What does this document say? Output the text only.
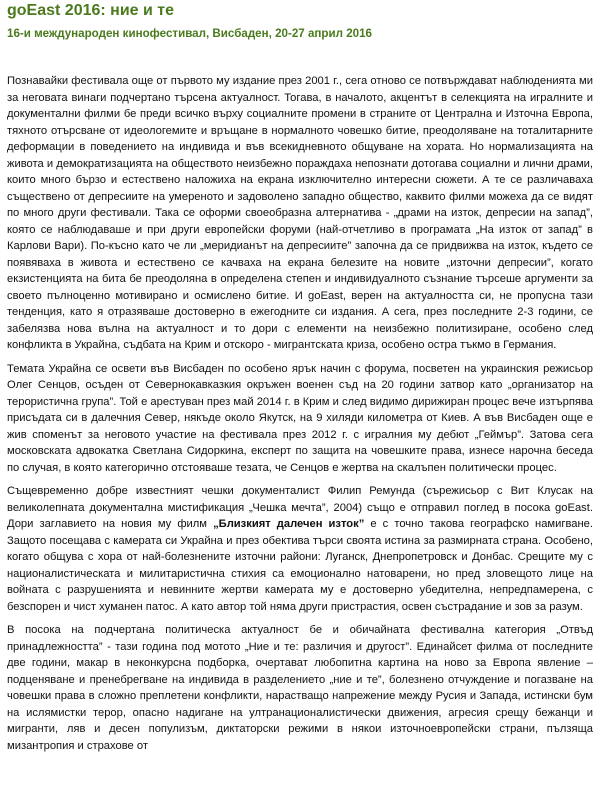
goEast 2016: ние и те
16-и международен кинофестивал, Висбаден, 20-27 април 2016

Познавайки фестивала още от първото му издание през 2001 г., сега отново се потвърждават наблюденията ми за неговата винаги подчертано търсена актуалност. Тогава, в началото, акцентът в селекцията на игралните и документални филми бе преди всичко върху социалните промени в страните от Централна и Източна Европа, тяхното отърсване от идеологемите и връщане в нормалното човешко битие, преодоляване на тоталитарните деформации в поведението на индивида и във всекидневното общуване на хората. Но нормализацията на живота и демократизацията на обществото неизбежно пораждаха непознати дотогава социални и лични драми, които много бързо и естествено наложиха на екрана изключително интересни сюжети. А те се различаваха съществено от депресиите на умереното и задоволено западно общество, каквито филми можеха да се видят по много други фестивали. Така се оформи своеобразна алтернатива - „драми на изток, депресии на запад”, която се наблюдаваше и при други европейски форуми (най-отчетливо в програмата „На изток от запад” в Карлови Вари). По-късно като че ли „меридианът на депресиите” започна да се придвижва на изток, където се появяваха в живота и естествено се качваха на екрана белезите на новите „източни депресии”, когато екзистенцията на бита бе преодоляна в определена степен и индивидуалното съзнание търсеше аргументи за своето пълноценно мотивирано и осмислено битие. И goEast, верен на актуалността си, не пропусна тази тенденция, като я отразяваше достоверно в ежегодните си издания. А сега, през последните 2-3 години, се забелязва нова вълна на актуалност и то дори с елементи на неизбежно политизиране, особено след конфликта в Украйна, съдбата на Крим и отскоро - мигрантската криза, особено остра тъкмо в Германия.

Темата Украйна се освети във Висбаден по особено ярък начин с форума, посветен на украинския режисьор Олег Сенцов, осъден от Севернокавказкия окръжен военен съд на 20 години затвор като „организатор на терористична група”. Той е арестуван през май 2014 г. в Крим и след видимо дирижиран процес вече изтърпява присъдата си в далечния Север, някъде около Якутск, на 9 хиляди километра от Киев. А във Висбаден още е жив споменът за неговото участие на фестивала през 2012 г. с игралния му дебют „Геймър”. Затова сега московската адвокатка Светлана Сидоркина, експерт по защита на човешките права, изнесе нарочна беседа по случая, в която категорично отстояваше тезата, че Сенцов е жертва на скалъпен политически процес.

Същевременно добре известният чешки документалист Филип Ремунда (сърежисьор с Вит Клусак на великолепната документална мистификация „Чешка мечта”, 2004) също е отправил поглед в посока goEast. Дори заглавието на новия му филм „Близкият далечен изток” е с точно такова географско намигване. Защото посещава с камерата си Украйна и през обектива търси своята истина за размирната страна. Особено, когато общува с хора от най-болезнените източни райони: Луганск, Днепропетровск и Донбас. Срещите му с националистическата и милитаристична стихия са емоционално натоварени, но пред зловещото лице на войната с разрушенията и невинните жертви камерата му е достоверно убедителна, непредпамерена, с безспорен и чист хуманен патос. А като автор той няма други пристрастия, освен състраданиe и зов за разум.

В посока на подчертана политическа актуалност бе и обичайната фестивална категория „Отвъд принадлежността” - тази година под мотото „Ние и те: различия и другост”. Единайсет филма от последните две години, макар в неконкурсна подборка, очертават любопитна картина на ново за Европа явление – подценяване и пренебрегване на индивида в разделението „ние и те”, болезнено отчуждение и погазване на човешки права в сложно преплетени конфликти, нарастващо напрежение между Русия и Запада, истински бум на ислямистки терор, опасно надигане на ултранационалистически движения, агресия срещу бежанци и мигранти, ляв и десен популизъм, диктаторски режими в някои източноевропейски страни, пълзяща мизантропия и страхове от
